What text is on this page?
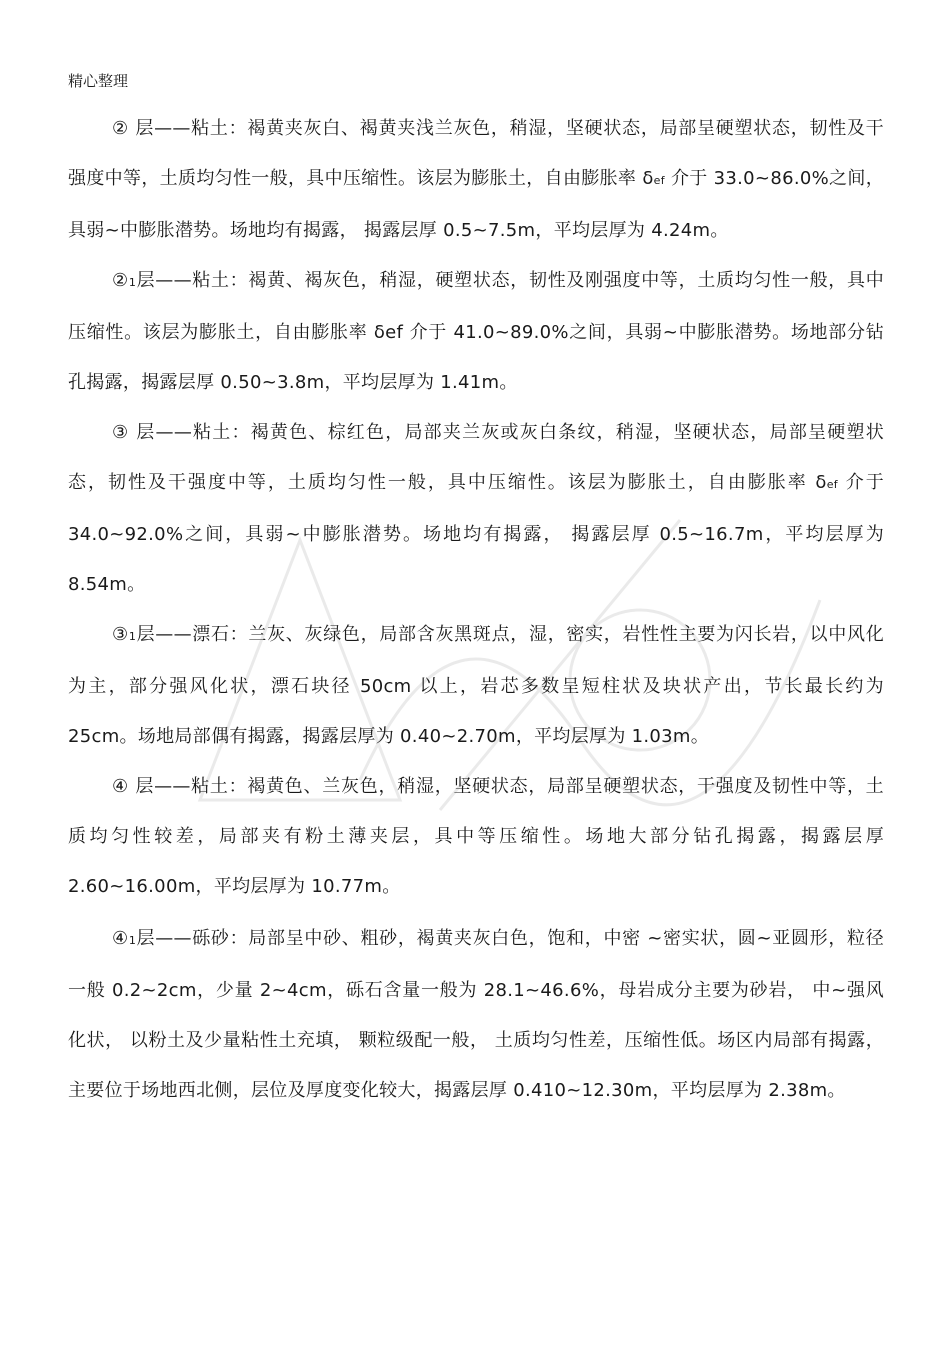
精心整理

② 层——粘土：褐黄夹灰白、褐黄夹浅兰灰色，稍湿，坚硬状态，局部呈硬塑状态，韧性及干强度中等，土质均匀性一般，具中压缩性。该层为膨胀土，自由膨胀率 δef 介于 33.0~86.0%之间，具弱~中膨胀潜势。场地均有揭露， 揭露层厚 0.5~7.5m，平均层厚为 4.24m。

②1层——粘土：褐黄、褐灰色，稍湿，硬塑状态，韧性及刚强度中等，土质均匀性一般，具中压缩性。该层为膨胀土，自由膨胀率 δef 介于 41.0~89.0%之间，具弱~中膨胀潜势。场地部分钻孔揭露，揭露层厚 0.50~3.8m，平均层厚为 1.41m。

③ 层——粘土：褐黄色、棕红色，局部夹兰灰或灰白条纹，稍湿，坚硬状态，局部呈硬塑状态，韧性及干强度中等，土质均匀性一般，具中压缩性。该层为膨胀土，自由膨胀率 δef 介于 34.0~92.0%之间，具弱~中膨胀潜势。场地均有揭露， 揭露层厚 0.5~16.7m，平均层厚为 8.54m。

③1层——漂石：兰灰、灰绿色，局部含灰黑斑点，湿，密实，岩性性主要为闪长岩，以中风化为主，部分强风化状，漂石块径 50cm 以上，岩芯多数呈短柱状及块状产出，节长最长约为 25cm。场地局部偶有揭露，揭露层厚为 0.40~2.70m，平均层厚为 1.03m。

④ 层——粘土：褐黄色、兰灰色，稍湿，坚硬状态，局部呈硬塑状态，干强度及韧性中等，土质均匀性较差，局部夹有粉土薄夹层，具中等压缩性。场地大部分钻孔揭露，揭露层厚 2.60~16.00m，平均层厚为 10.77m。

④1层——砾砂：局部呈中砂、粗砂，褐黄夹灰白色，饱和，中密 ~密实状，圆~亚圆形，粒径一般 0.2~2cm，少量 2~4cm，砾石含量一般为 28.1~46.6%，母岩成分主要为砂岩， 中~强风化状， 以粉土及少量粘性土充填， 颗粒级配一般， 土质均匀性差，压缩性低。场区内局部有揭露，主要位于场地西北侧，层位及厚度变化较大，揭露层厚 0.410~12.30m，平均层厚为 2.38m。
